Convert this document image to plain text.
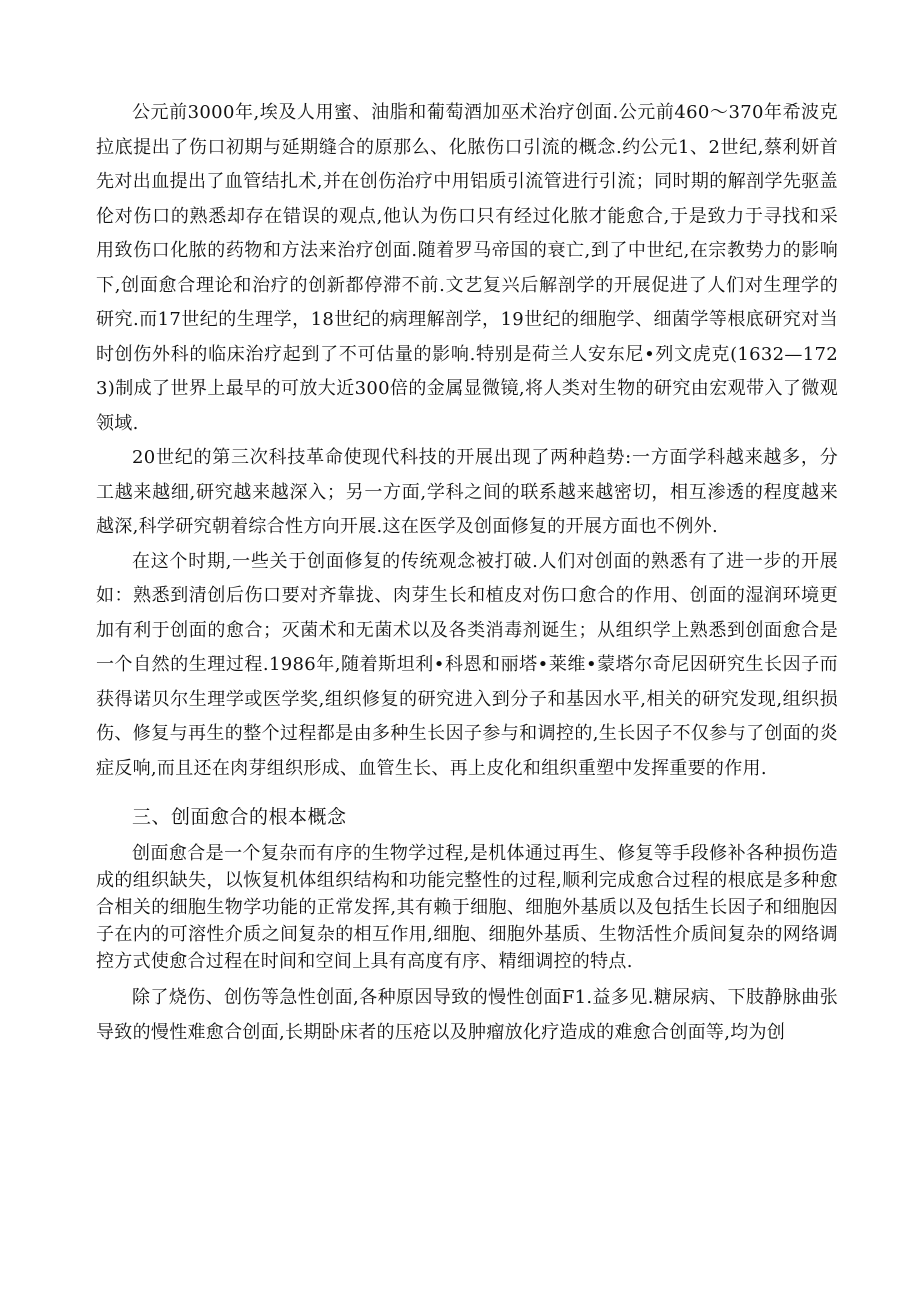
公元前3000年,埃及人用蜜、油脂和葡萄酒加巫术治疗创面.公元前460～370年希波克拉底提出了伤口初期与延期缝合的原那么、化脓伤口引流的概念.约公元1、2世纪,蔡利妍首先对出血提出了血管结扎术,并在创伤治疗中用铝质引流管进行引流；同时期的解剖学先驱盖伦对伤口的熟悉却存在错误的观点,他认为伤口只有经过化脓才能愈合,于是致力于寻找和采用致伤口化脓的药物和方法来治疗创面.随着罗马帝国的衰亡,到了中世纪,在宗教势力的影响下,创面愈合理论和治疗的创新都停滞不前.文艺复兴后解剖学的开展促进了人们对生理学的研究.而17世纪的生理学，18世纪的病理解剖学，19世纪的细胞学、细菌学等根底研究对当时创伤外科的临床治疗起到了不可估量的影响.特别是荷兰人安东尼•列文虎克(1632—1723)制成了世界上最早的可放大近300倍的金属显微镜,将人类对生物的研究由宏观带入了微观领域.

20世纪的第三次科技革命使现代科技的开展出现了两种趋势:一方面学科越来越多，分工越来越细,研究越来越深入；另一方面,学科之间的联系越来越密切，相互渗透的程度越来越深,科学研究朝着综合性方向开展.这在医学及创面修复的开展方面也不例外.

在这个时期,一些关于创面修复的传统观念被打破.人们对创面的熟悉有了进一步的开展如：熟悉到清创后伤口要对齐靠拢、肉芽生长和植皮对伤口愈合的作用、创面的湿润环境更加有利于创面的愈合；灭菌术和无菌术以及各类消毒剂诞生；从组织学上熟悉到创面愈合是一个自然的生理过程.1986年,随着斯坦利•科恩和丽塔•莱维•蒙塔尔奇尼因研究生长因子而获得诺贝尔生理学或医学奖,组织修复的研究进入到分子和基因水平,相关的研究发现,组织损伤、修复与再生的整个过程都是由多种生长因子参与和调控的,生长因子不仅参与了创面的炎症反响,而且还在肉芽组织形成、血管生长、再上皮化和组织重塑中发挥重要的作用.

三、创面愈合的根本概念

创面愈合是一个复杂而有序的生物学过程,是机体通过再生、修复等手段修补各种损伤造成的组织缺失，以恢复机体组织结构和功能完整性的过程,顺利完成愈合过程的根底是多种愈合相关的细胞生物学功能的正常发挥,其有赖于细胞、细胞外基质以及包括生长因子和细胞因子在内的可溶性介质之间复杂的相互作用,细胞、细胞外基质、生物活性介质间复杂的网络调控方式使愈合过程在时间和空间上具有高度有序、精细调控的特点.

除了烧伤、创伤等急性创面,各种原因导致的慢性创面F1.益多见.糖尿病、下肢静脉曲张导致的慢性难愈合创面,长期卧床者的压疮以及肿瘤放化疗造成的难愈合创面等,均为创
